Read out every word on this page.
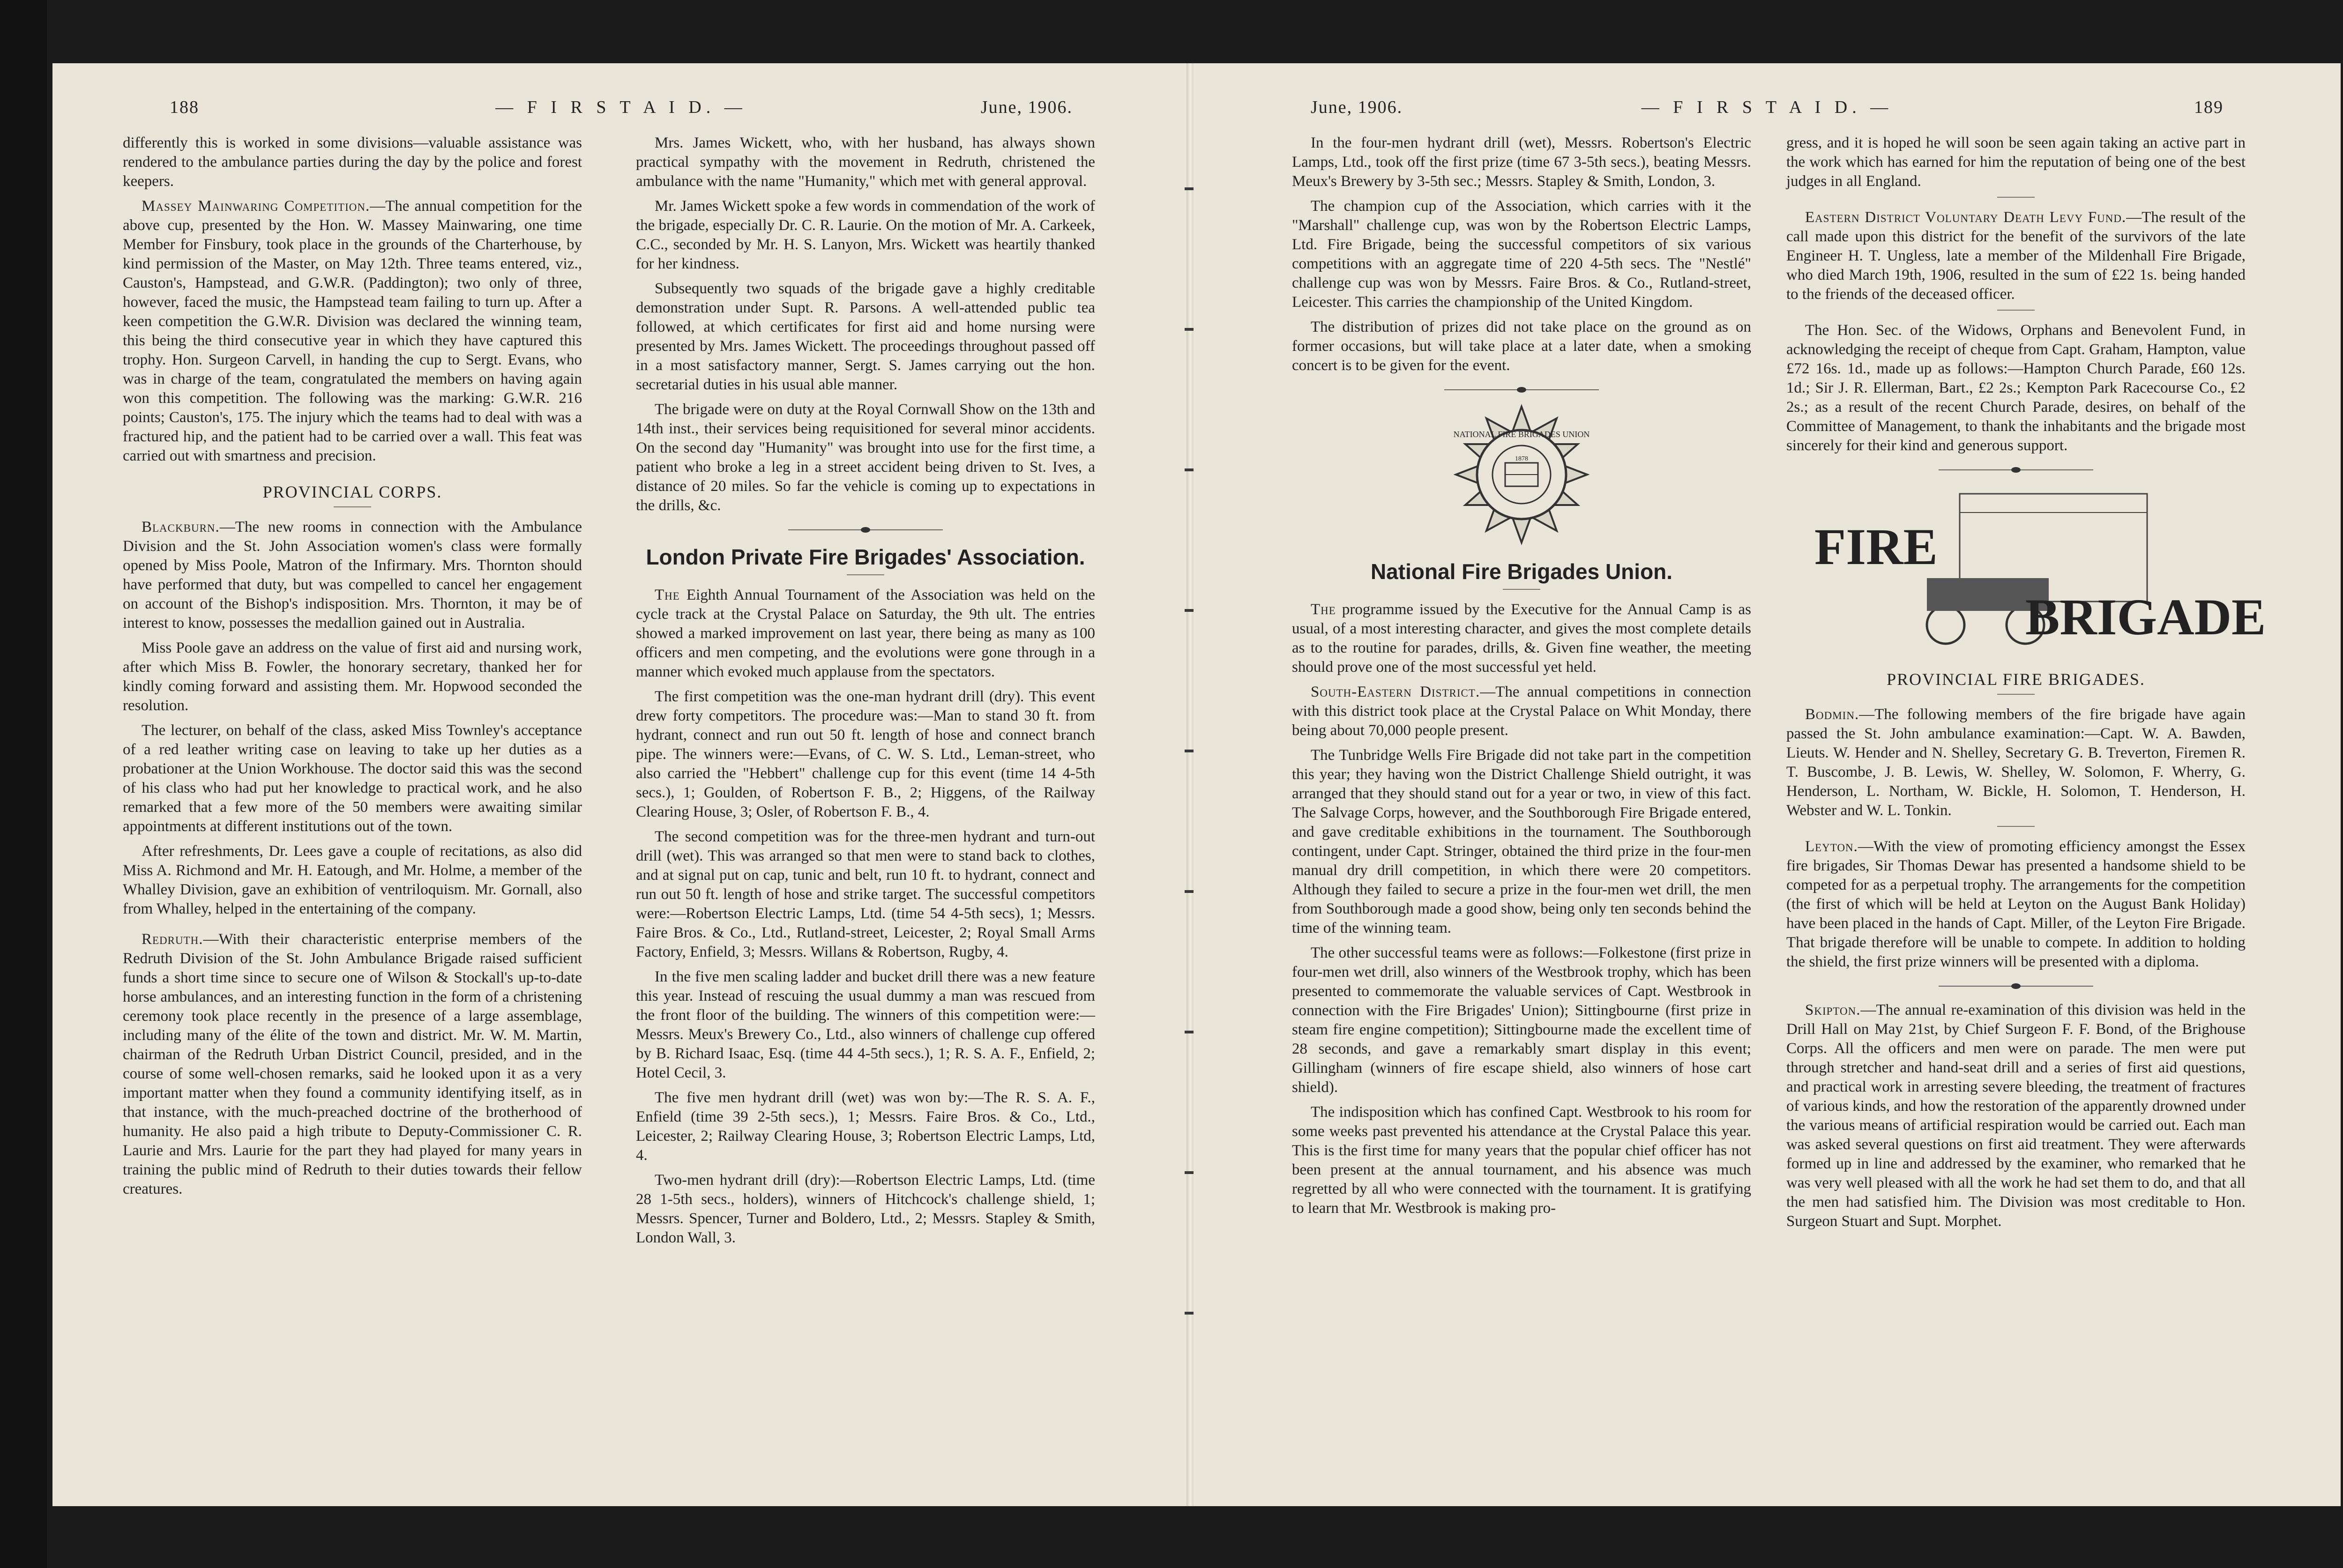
188	— F I R S T A I D. —	June, 1906.

differently this is worked in some divisions—valuable assistance was rendered to the ambulance parties during the day by the police and forest keepers.

Massey Mainwaring Competition.—The annual competition for the above cup, presented by the Hon. W. Massey Mainwaring, one time Member for Finsbury, took place in the grounds of the Charterhouse, by kind permission of the Master, on May 12th. Three teams entered, viz., Causton's, Hampstead, and G.W.R. (Paddington); two only of three, however, faced the music, the Hampstead team failing to turn up. After a keen competition the G.W.R. Division was declared the winning team, this being the third consecutive year in which they have captured this trophy. Hon. Surgeon Carvell, in handing the cup to Sergt. Evans, who was in charge of the team, congratulated the members on having again won this competition. The following was the marking: G.W.R. 216 points; Causton's, 175. The injury which the teams had to deal with was a fractured hip, and the patient had to be carried over a wall. This feat was carried out with smartness and precision.

PROVINCIAL CORPS.

Blackburn.—The new rooms in connection with the Ambulance Division and the St. John Association women's class were formally opened by Miss Poole, Matron of the Infirmary. Mrs. Thornton should have performed that duty, but was compelled to cancel her engagement on account of the Bishop's indisposition. Mrs. Thornton, it may be of interest to know, possesses the medallion gained out in Australia.

Miss Poole gave an address on the value of first aid and nursing work, after which Miss B. Fowler, the honorary secretary, thanked her for kindly coming forward and assisting them. Mr. Hopwood seconded the resolution.

The lecturer, on behalf of the class, asked Miss Townley's acceptance of a red leather writing case on leaving to take up her duties as a probationer at the Union Workhouse. The doctor said this was the second of his class who had put her knowledge to practical work, and he also remarked that a few more of the 50 members were awaiting similar appointments at different institutions out of the town.

After refreshments, Dr. Lees gave a couple of recitations, as also did Miss A. Richmond and Mr. H. Eatough, and Mr. Holme, a member of the Whalley Division, gave an exhibition of ventriloquism. Mr. Gornall, also from Whalley, helped in the entertaining of the company.

Redruth.—With their characteristic enterprise members of the Redruth Division of the St. John Ambulance Brigade raised sufficient funds a short time since to secure one of Wilson & Stockall's up-to-date horse ambulances, and an interesting function in the form of a christening ceremony took place recently in the presence of a large assemblage, including many of the élite of the town and district. Mr. W. M. Martin, chairman of the Redruth Urban District Council, presided, and in the course of some well-chosen remarks, said he looked upon it as a very important matter when they found a community identifying itself, as in that instance, with the much-preached doctrine of the brotherhood of humanity. He also paid a high tribute to Deputy-Commissioner C. R. Laurie and Mrs. Laurie for the part they had played for many years in training the public mind of Redruth to their duties towards their fellow creatures.

Mrs. James Wickett, who, with her husband, has always shown practical sympathy with the movement in Redruth, christened the ambulance with the name "Humanity," which met with general approval.

Mr. James Wickett spoke a few words in commendation of the work of the brigade, especially Dr. C. R. Laurie. On the motion of Mr. A. Carkeek, C.C., seconded by Mr. H. S. Lanyon, Mrs. Wickett was heartily thanked for her kindness.

Subsequently two squads of the brigade gave a highly creditable demonstration under Supt. R. Parsons. A well-attended public tea followed, at which certificates for first aid and home nursing were presented by Mrs. James Wickett. The proceedings throughout passed off in a most satisfactory manner, Sergt. S. James carrying out the hon. secretarial duties in his usual able manner.

The brigade were on duty at the Royal Cornwall Show on the 13th and 14th inst., their services being requisitioned for several minor accidents. On the second day "Humanity" was brought into use for the first time, a patient who broke a leg in a street accident being driven to St. Ives, a distance of 20 miles. So far the vehicle is coming up to expectations in the drills, &c.

London Private Fire Brigades' Association.

The Eighth Annual Tournament of the Association was held on the cycle track at the Crystal Palace on Saturday, the 9th ult. The entries showed a marked improvement on last year, there being as many as 100 officers and men competing, and the evolutions were gone through in a manner which evoked much applause from the spectators.

The first competition was the one-man hydrant drill (dry). This event drew forty competitors. The procedure was:—Man to stand 30 ft. from hydrant, connect and run out 50 ft. length of hose and connect branch pipe. The winners were:—Evans, of C. W. S. Ltd., Leman-street, who also carried the "Hebbert" challenge cup for this event (time 14 4-5th secs.), 1; Goulden, of Robertson F. B., 2; Higgens, of the Railway Clearing House, 3; Osler, of Robertson F. B., 4.

The second competition was for the three-men hydrant and turn-out drill (wet). This was arranged so that men were to stand back to clothes, and at signal put on cap, tunic and belt, run 10 ft. to hydrant, connect and run out 50 ft. length of hose and strike target. The successful competitors were:—Robertson Electric Lamps, Ltd. (time 54 4-5th secs), 1; Messrs. Faire Bros. & Co., Ltd., Rutland-street, Leicester, 2; Royal Small Arms Factory, Enfield, 3; Messrs. Willans & Robertson, Rugby, 4.

In the five men scaling ladder and bucket drill there was a new feature this year. Instead of rescuing the usual dummy a man was rescued from the front floor of the building. The winners of this competition were:—Messrs. Meux's Brewery Co., Ltd., also winners of challenge cup offered by B. Richard Isaac, Esq. (time 44 4-5th secs.), 1; R. S. A. F., Enfield, 2; Hotel Cecil, 3.

The five men hydrant drill (wet) was won by:—The R. S. A. F., Enfield (time 39 2-5th secs.), 1; Messrs. Faire Bros. & Co., Ltd., Leicester, 2; Railway Clearing House, 3; Robertson Electric Lamps, Ltd, 4.

Two-men hydrant drill (dry):—Robertson Electric Lamps, Ltd. (time 28 1-5th secs., holders), winners of Hitchcock's challenge shield, 1; Messrs. Spencer, Turner and Boldero, Ltd., 2; Messrs. Stapley & Smith, London Wall, 3.

June, 1906.	— F I R S T A I D. —	189

In the four-men hydrant drill (wet), Messrs. Robertson's Electric Lamps, Ltd., took off the first prize (time 67 3-5th secs.), beating Messrs. Meux's Brewery by 3-5th sec.; Messrs. Stapley & Smith, London, 3.

The champion cup of the Association, which carries with it the "Marshall" challenge cup, was won by the Robertson Electric Lamps, Ltd. Fire Brigade, being the successful competitors of six various competitions with an aggregate time of 220 4-5th secs. The "Nestlé" challenge cup was won by Messrs. Faire Bros. & Co., Rutland-street, Leicester. This carries the championship of the United Kingdom.

The distribution of prizes did not take place on the ground as on former occasions, but will take place at a later date, when a smoking concert is to be given for the event.

NATIONAL FIRE BRIGADES UNION
1878
National Fire Brigades Union.

The programme issued by the Executive for the Annual Camp is as usual, of a most interesting character, and gives the most complete details as to the routine for parades, drills, &. Given fine weather, the meeting should prove one of the most successful yet held.

South-Eastern District.—The annual competitions in connection with this district took place at the Crystal Palace on Whit Monday, there being about 70,000 people present.

The Tunbridge Wells Fire Brigade did not take part in the competition this year; they having won the District Challenge Shield outright, it was arranged that they should stand out for a year or two, in view of this fact. The Salvage Corps, however, and the Southborough Fire Brigade entered, and gave creditable exhibitions in the tournament. The Southborough contingent, under Capt. Stringer, obtained the third prize in the four-men manual dry drill competition, in which there were 20 competitors. Although they failed to secure a prize in the four-men wet drill, the men from Southborough made a good show, being only ten seconds behind the time of the winning team.

The other successful teams were as follows:—Folkestone (first prize in four-men wet drill, also winners of the Westbrook trophy, which has been presented to commemorate the valuable services of Capt. Westbrook in connection with the Fire Brigades' Union); Sittingbourne (first prize in steam fire engine competition); Sittingbourne made the excellent time of 28 seconds, and gave a remarkably smart display in this event; Gillingham (winners of fire escape shield, also winners of hose cart shield).

The indisposition which has confined Capt. Westbrook to his room for some weeks past prevented his attendance at the Crystal Palace this year. This is the first time for many years that the popular chief officer has not been present at the annual tournament, and his absence was much regretted by all who were connected with the tournament. It is gratifying to learn that Mr. Westbrook is making pro-

gress, and it is hoped he will soon be seen again taking an active part in the work which has earned for him the reputation of being one of the best judges in all England.

Eastern District Voluntary Death Levy Fund.—The result of the call made upon this district for the benefit of the survivors of the late Engineer H. T. Ungless, late a member of the Mildenhall Fire Brigade, who died March 19th, 1906, resulted in the sum of £22 1s. being handed to the friends of the deceased officer.

The Hon. Sec. of the Widows, Orphans and Benevolent Fund, in acknowledging the receipt of cheque from Capt. Graham, Hampton, value £72 16s. 1d., made up as follows:—Hampton Church Parade, £60 12s. 1d.; Sir J. R. Ellerman, Bart., £2 2s.; Kempton Park Racecourse Co., £2 2s.; as a result of the recent Church Parade, desires, on behalf of the Committee of Management, to thank the inhabitants and the brigade most sincerely for their kind and generous support.

FIRE
BRIGADE
PROVINCIAL FIRE BRIGADES.

Bodmin.—The following members of the fire brigade have again passed the St. John ambulance examination:—Capt. W. A. Bawden, Lieuts. W. Hender and N. Shelley, Secretary G. B. Treverton, Firemen R. T. Buscombe, J. B. Lewis, W. Shelley, W. Solomon, F. Wherry, G. Henderson, L. Northam, W. Bickle, H. Solomon, T. Henderson, H. Webster and W. L. Tonkin.

Leyton.—With the view of promoting efficiency amongst the Essex fire brigades, Sir Thomas Dewar has presented a handsome shield to be competed for as a perpetual trophy. The arrangements for the competition (the first of which will be held at Leyton on the August Bank Holiday) have been placed in the hands of Capt. Miller, of the Leyton Fire Brigade. That brigade therefore will be unable to compete. In addition to holding the shield, the first prize winners will be presented with a diploma.

Skipton.—The annual re-examination of this division was held in the Drill Hall on May 21st, by Chief Surgeon F. F. Bond, of the Brighouse Corps. All the officers and men were on parade. The men were put through stretcher and hand-seat drill and a series of first aid questions, and practical work in arresting severe bleeding, the treatment of fractures of various kinds, and how the restoration of the apparently drowned under the various means of artificial respiration would be carried out. Each man was asked several questions on first aid treatment. They were afterwards formed up in line and addressed by the examiner, who remarked that he was very well pleased with all the work he had set them to do, and that all the men had satisfied him. The Division was most creditable to Hon. Surgeon Stuart and Supt. Morphet.
